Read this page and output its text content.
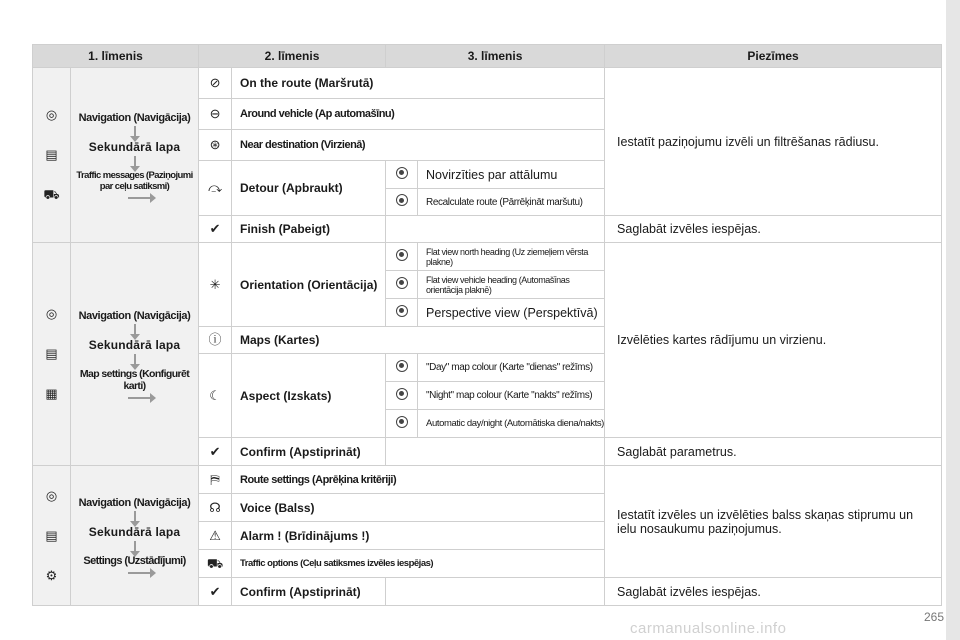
1. līmenis		2. līmenis		3. līmenis		Piezīmes

◎
▤
⛟	Navigation (Navigācija)
Sekundārā lapa
Traffic messages (Paziņojumi par ceļu satiksmi)	⊘	On the route (Maršrutā)			Iestatīt paziņojumu izvēli un filtrēšanas rādiusu.
		⊖	Around vehicle (Ap automašīnu)			
		⊛	Near destination (Virzienā)			
		⤼	Detour (Apbraukt)		Novirzīties par attālumu	
					Recalculate route (Pārrēķināt maršutu)	
		✔	Finish (Pabeigt)			Saglabāt izvēles iespējas.

◎
▤
▦	Navigation (Navigācija)
Sekundārā lapa
Map settings (Konfigurēt karti)	✳	Orientation (Orientācija)		Flat view north heading (Uz ziemeļiem vērsta plakne)	Izvēlēties kartes rādījumu un virzienu.
					Flat view vehicle heading (Automašīnas orientācija plaknē)	
					Perspective view (Perspektīvā)	
		ⓘ	Maps (Kartes)			
		☾	Aspect (Izskats)		"Day" map colour (Karte "dienas" režīms)	
					"Night" map colour (Karte "nakts" režīms)	
					Automatic day/night (Automātiska diena/nakts)	
		✔	Confirm (Apstiprināt)			Saglabāt parametrus.

◎
▤
⚙	Navigation (Navigācija)
Sekundārā lapa
Settings (Uzstādījumi)	⛿	Route settings (Aprēķina kritēriji)			Iestatīt izvēles un izvēlēties balss skaņas stiprumu un ielu nosaukumu paziņojumus.
		☊	Voice (Balss)			
		⚠	Alarm ! (Brīdinājums !)			
		⛟	Traffic options (Ceļu satiksmes izvēles iespējas)			
		✔	Confirm (Apstiprināt)			Saglabāt izvēles iespējas.
carmanualsonline.info
265
